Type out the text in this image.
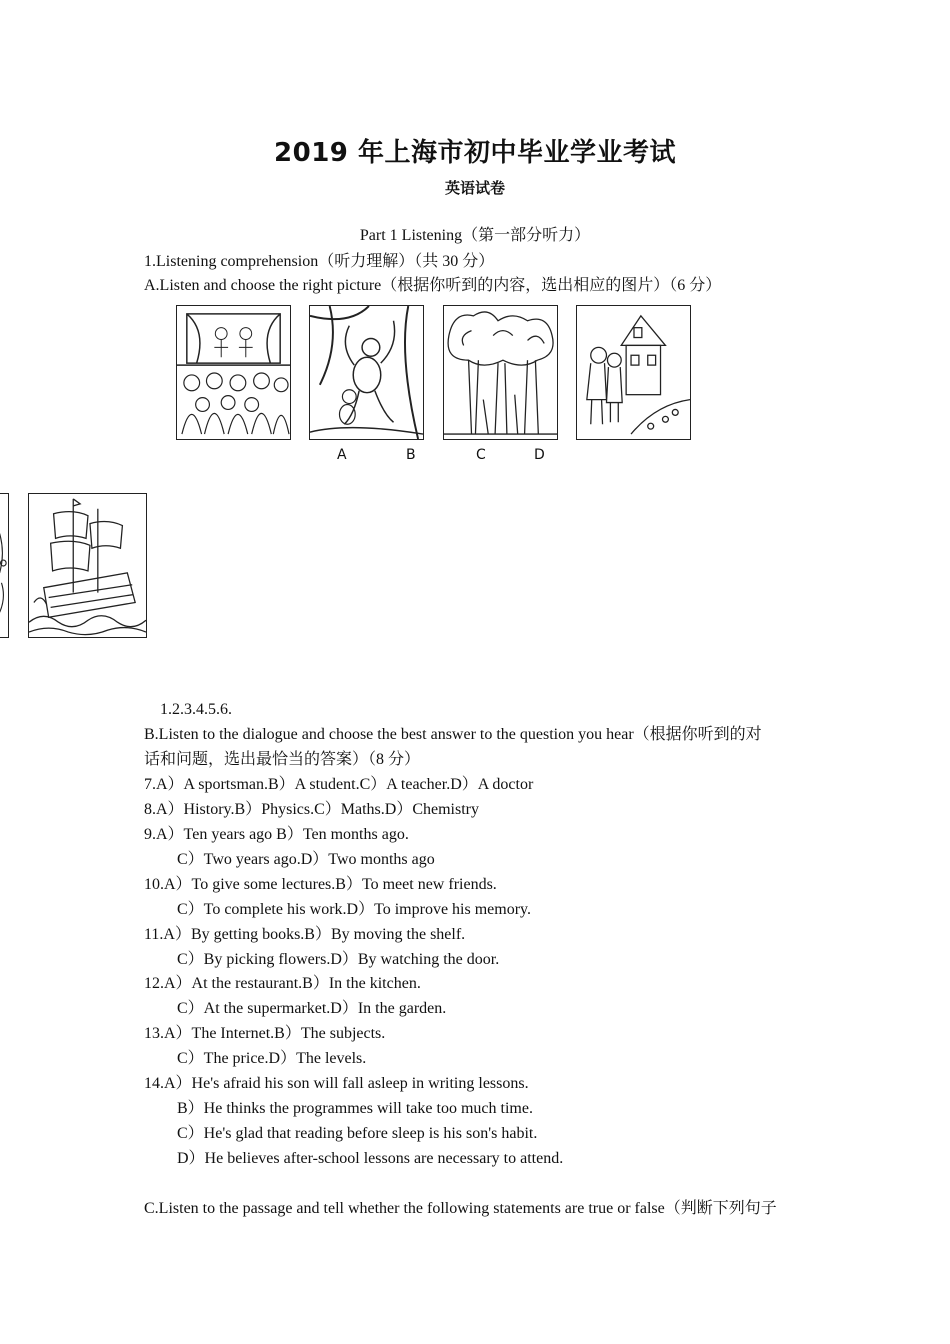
2019 年上海市初中毕业学业考试
英语试卷
Part 1 Listening（第一部分听力）
1.Listening comprehension（听力理解）（共 30 分）
A.Listen and choose the right picture（根据你听到的内容，选出相应的图片）（6 分）
A	B	C	D
1.2.3.4.5.6.
B.Listen to the dialogue and choose the best answer to the question you hear（根据你听到的对
话和问题，选出最恰当的答案）（8 分）
7.A）A sportsman.B）A student.C）A teacher.D）A doctor
8.A）History.B）Physics.C）Maths.D）Chemistry
9.A）Ten years ago B）Ten months ago.
C）Two years ago.D）Two months ago
10.A）To give some lectures.B）To meet new friends.
C）To complete his work.D）To improve his memory.
11.A）By getting books.B）By moving the shelf.
C）By picking flowers.D）By watching the door.
12.A）At the restaurant.B）In the kitchen.
C）At the supermarket.D）In the garden.
13.A）The Internet.B）The subjects.
C）The price.D）The levels.
14.A）He's afraid his son will fall asleep in writing lessons.
B）He thinks the programmes will take too much time.
C）He's glad that reading before sleep is his son's habit.
D）He believes after-school lessons are necessary to attend.
C.Listen to the passage and tell whether the following statements are true or false（判断下列句子
